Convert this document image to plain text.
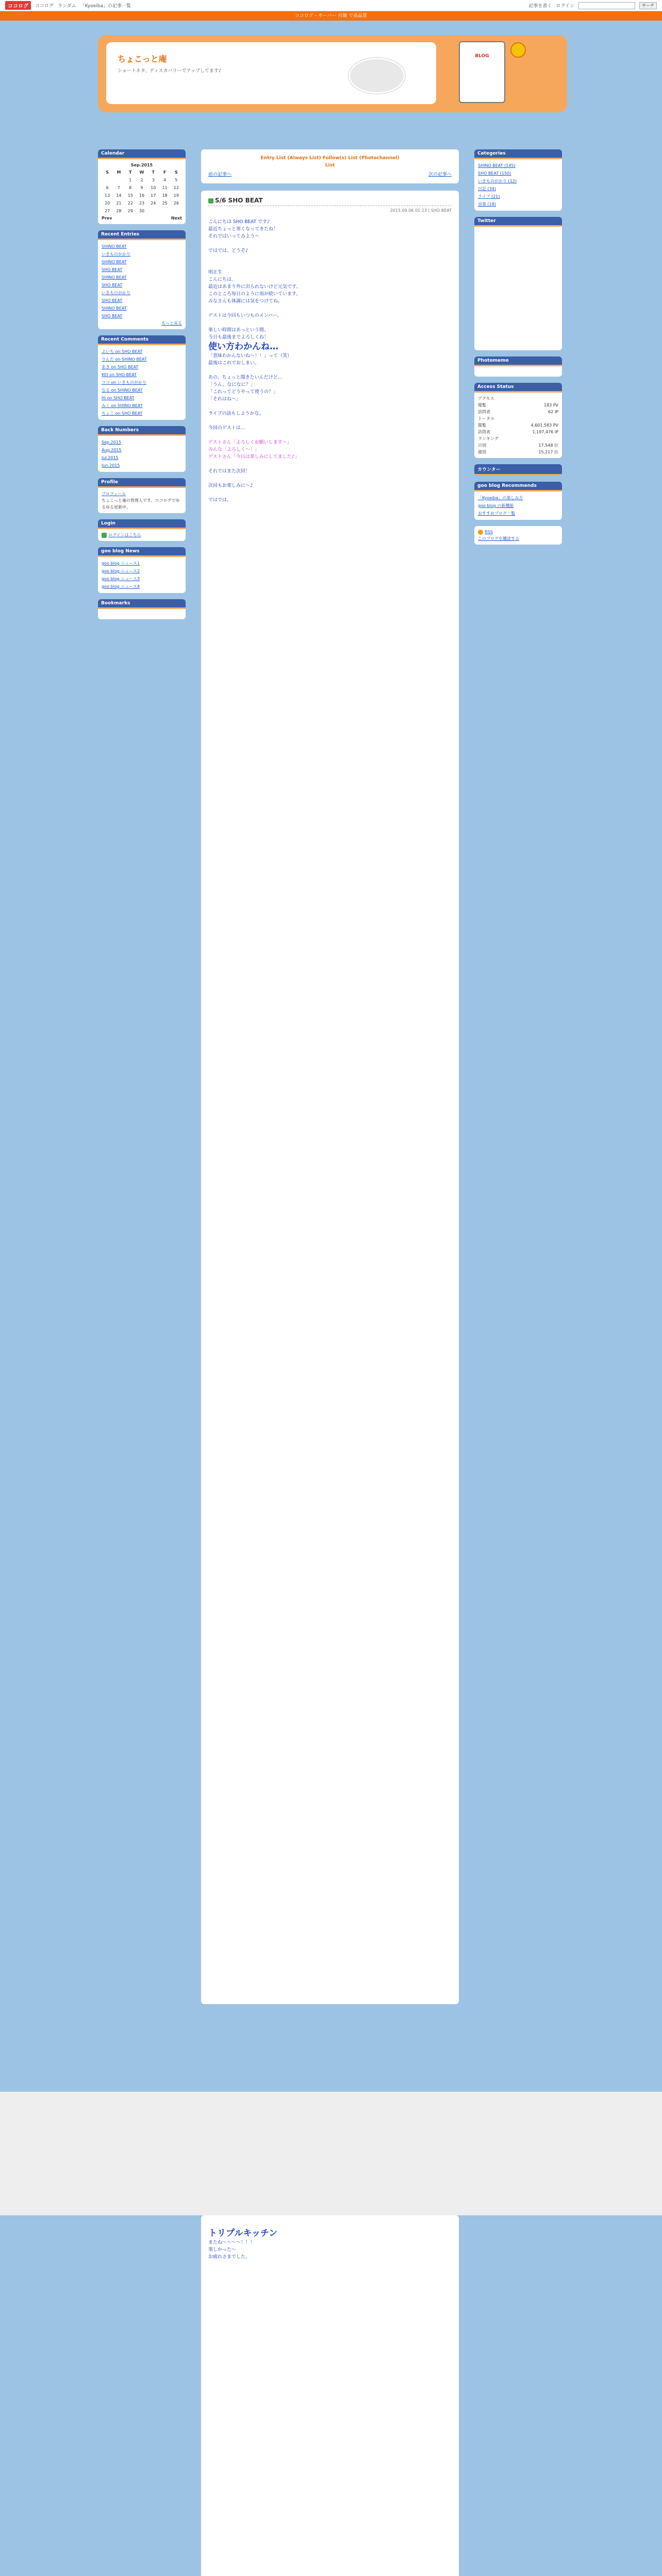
ココログ	ココログ ランダム 「Kyoeiba」の記事一覧	記事を書く ログイン	サーチ
ココログ・サーバー 月額 で高品質
ちょこっと庵
ショートネタ、ディスカバリーでアップしてます♪
BLOG
Calendar
Sep.2015
S	M	T	W	T	F	S
		1	2	3	4	5
6	7	8	9	10	11	12
13	14	15	16	17	18	19
20	21	22	23	24	25	26
27	28	29	30			
Prev	Next
Recent Entries
SHINO BEAT
いきものがかり
SHINO BEAT
SHO BEAT
SHINO BEAT
SHO BEAT
いきものがかり
SHO BEAT
SHINO BEAT
SHO BEAT
もっと見る
Recent Comments
ぷいち on SHO BEAT
りんた on SHINO BEAT
あき on SHO BEAT
KEI on SHO BEAT
ココ on いきものがかり
なる on SHINO BEAT
Hi on SHO BEAT
みく on SHINO BEAT
ちょこ on SHO BEAT
Back Numbers
Sep.2015
Aug.2015
Jul.2015
Jun.2015
Profile
プロフィール
ちょこっと庵の管理人です。ココログでゆるゆる更新中。
Login
ログインはこちら
goo blog News
goo blog ニュース1
goo blog ニュース2
goo blog ニュース3
goo blog ニュース4
Bookmarks
Entry List (Always List) Follow(s) List (Photochannel)
List
前の記事へ	次の記事へ
S/6 SHO BEAT
2015.09.06 01:23 | SHO BEAT

こんにちは SHO BEAT です♪

最近ちょっと寒くなってきたね！

それではいってみよう〜

ではでは、どうぞ♪

明正生

こんにちは。

最近はあまり外に出られないけど元気です。

このところ毎日のように雨が続いています。

みなさんも体調には気をつけてね。

ゲストは今回もいつものメンバー。

楽しい時間はあっという間。

今日も最後までよろしくね！

使い方わかんね…

「意味わかんないね〜！！」って（笑）

最後はこれでおしまい。

あの、ちょっと聞きたいんだけど…

「うん、なになに？」

「これってどうやって使うの？」

「それはね〜」

ライブの話もしようかな。

今回のゲストは…

ゲストさん「よろしくお願いします〜」

みんな「よろしく〜！」

ゲストさん「今日は楽しみにしてました♪」

それではまた次回！

次回もお楽しみに〜♪

ではでは。

Categories
SHINO BEAT (145)
SHO BEAT (150)
いきものがかり (12)
日記 (34)
ライブ (21)
音楽 (18)
Twitter
Photomemo
Access Status
アクセス
閲覧	183 PV
訪問者	62 IP
トータル
閲覧	4,601,583 PV
訪問者	1,197,476 IP
ランキング
日別	17,548 位
週別	15,217 位
カウンター
goo blog Recommends
「Kyoeiba」の楽しみ方
goo blog の新機能
おすすめブログ一覧
RSS
このブログを購読する
トリプルキッチン

またね〜〜〜〜！！！

楽しかった〜

お疲れさまでした。
